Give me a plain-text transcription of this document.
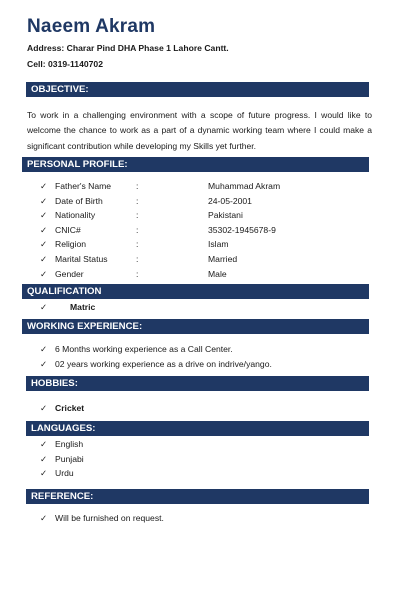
Naeem Akram
Address: Charar Pind DHA Phase 1 Lahore Cantt.
Cell: 0319-1140702
OBJECTIVE:
To work in a challenging environment with a scope of future progress. I would like to welcome the chance to work as a part of a dynamic working team where I could make a significant contribution while developing my Skills yet further.
PERSONAL PROFILE:
✓ Father's Name	:	Muhammad Akram
✓ Date of Birth	:	24-05-2001
✓ Nationality	:	Pakistani
✓ CNIC#	:	35302-1945678-9
✓ Religion	:	Islam
✓ Marital Status	:	Married
✓ Gender	:	Male
QUALIFICATION
✓	Matric
WORKING EXPERIENCE:
✓ 6 Months working experience as a Call Center.
✓ 02 years working experience as a drive on indrive/yango.
HOBBIES:
✓ Cricket
LANGUAGES:
✓ English
✓ Punjabi
✓ Urdu
REFERENCE:
✓ Will be furnished on request.
